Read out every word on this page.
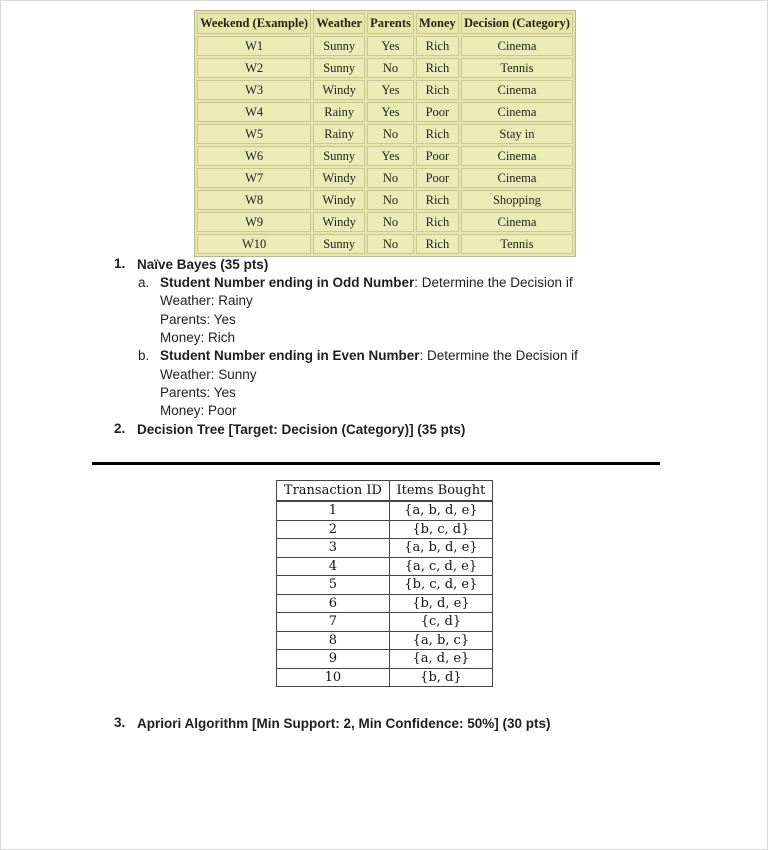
Weekend (Example)	Weather	Parents	Money	Decision (Category)
W1	Sunny	Yes	Rich	Cinema
W2	Sunny	No	Rich	Tennis
W3	Windy	Yes	Rich	Cinema
W4	Rainy	Yes	Poor	Cinema
W5	Rainy	No	Rich	Stay in
W6	Sunny	Yes	Poor	Cinema
W7	Windy	No	Poor	Cinema
W8	Windy	No	Rich	Shopping
W9	Windy	No	Rich	Cinema
W10	Sunny	No	Rich	Tennis
1. Naïve Bayes (35 pts)
a. Student Number ending in Odd Number: Determine the Decision if
Weather: Rainy
Parents: Yes
Money: Rich
b. Student Number ending in Even Number: Determine the Decision if
Weather: Sunny
Parents: Yes
Money: Poor
2. Decision Tree [Target: Decision (Category)] (35 pts)
Transaction ID	Items Bought
1	{a, b, d, e}
2	{b, c, d}
3	{a, b, d, e}
4	{a, c, d, e}
5	{b, c, d, e}
6	{b, d, e}
7	{c, d}
8	{a, b, c}
9	{a, d, e}
10	{b, d}
3. Apriori Algorithm [Min Support: 2, Min Confidence: 50%] (30 pts)
